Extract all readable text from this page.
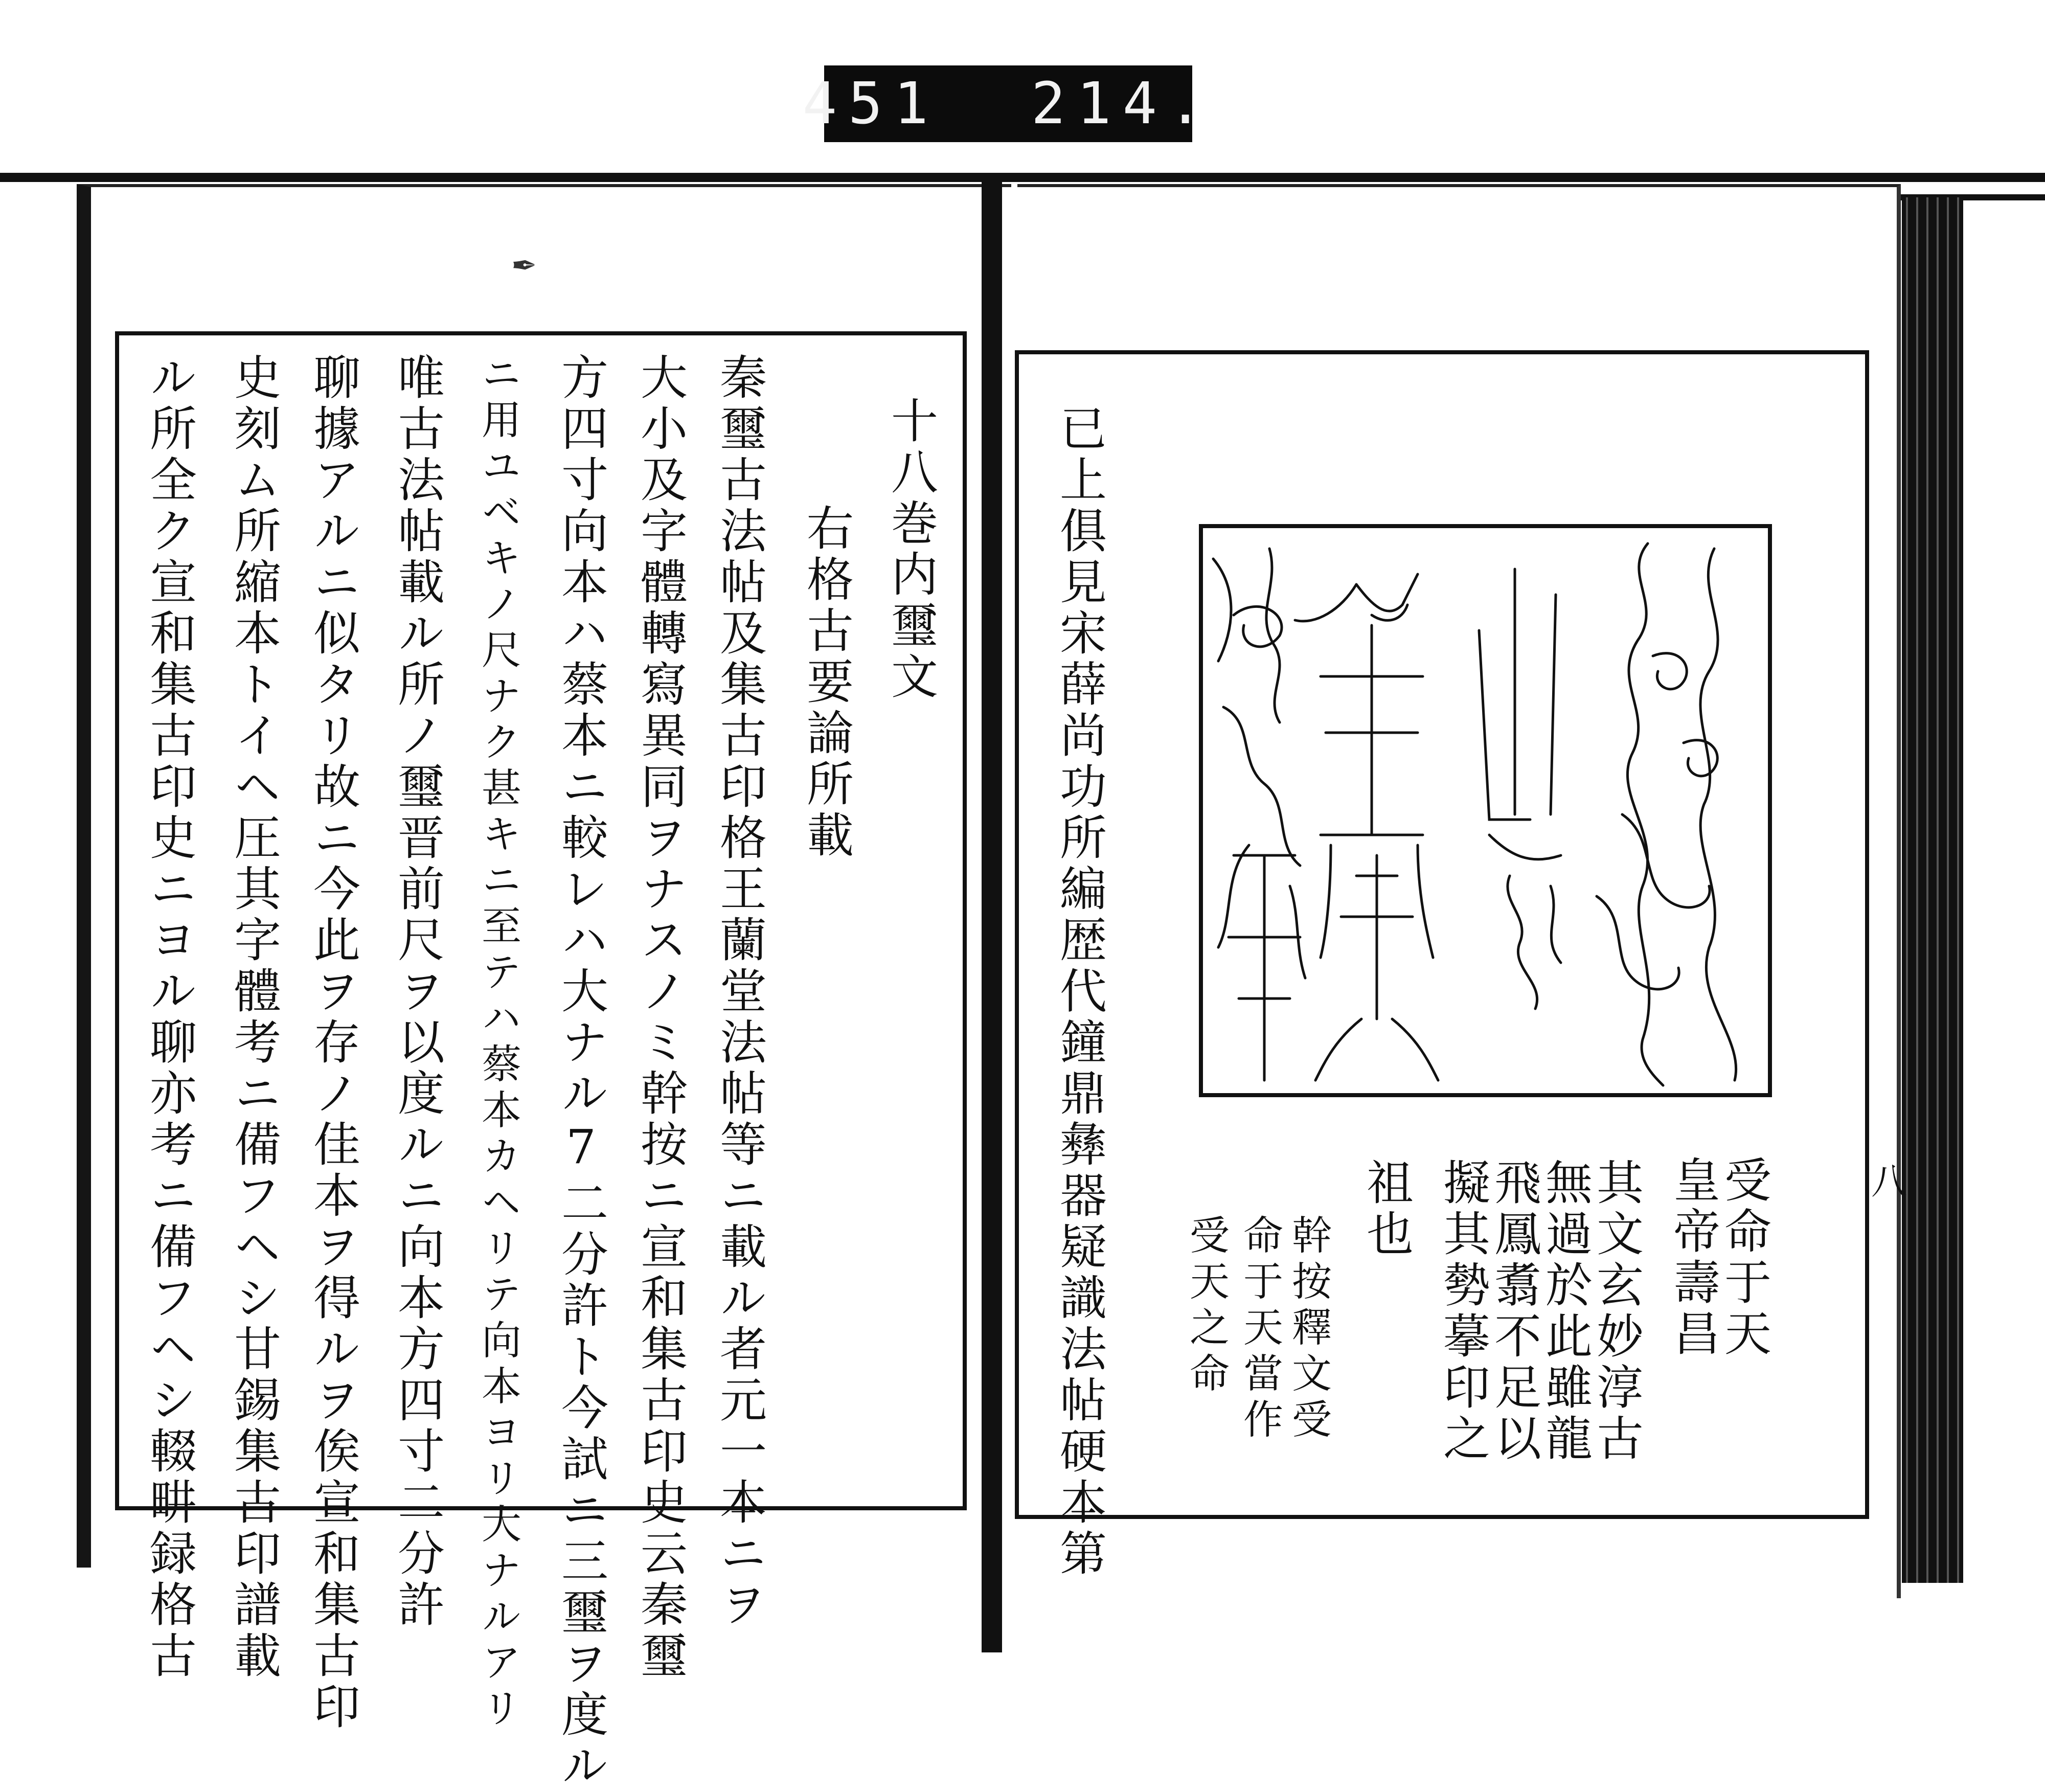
451  214.
✒
十八巻内璽文
右格古要論所載
秦璽古法帖及集古印格王蘭堂法帖等ニ載ル者元一本ニヲ
大小及字體轉寫異同ヲナスノミ幹按ニ宣和集古印史云秦璽
方四寸向本ハ蔡本ニ較レハ大ナル7二分許ト今試ニ三璽ヲ度ル
ニ用ユベキノ尺ナク甚キニ至テハ蔡本カヘリテ向本ヨリ大ナルアリ
唯古法帖載ル所ノ璽晋前尺ヲ以度ルニ向本方四寸二分許
聊據アルニ似タリ故ニ今此ヲ存ノ佳本ヲ得ルヲ俟宣和集古印
史刻ム所縮本トイヘ圧其字體考ニ備フヘシ甘錫集古印譜載
ル所全ク宣和集古印史ニヨル聊亦考ニ備フヘシ輟畊録格古	已上俱見宋薛尚功所編歴代鐘鼎彝器疑識法帖硬本第	受命于天
皇帝壽昌
其文玄妙淳古
無過於此雖龍
飛鳳翥不足以
擬其勢摹印之
祖也
幹按釋文受
命于天當作
受天之命
八
